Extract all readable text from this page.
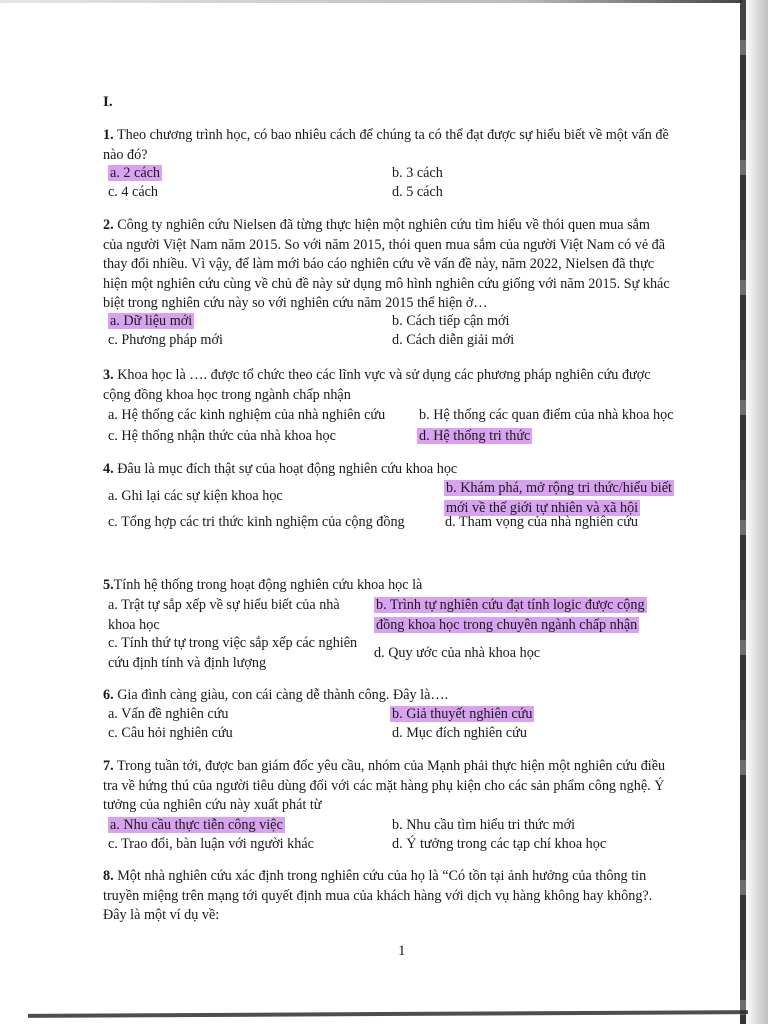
I.
1. Theo chương trình học, có bao nhiêu cách để chúng ta có thể đạt được sự hiểu biết về một vấn đề nào đó?
a. 2 cách	b. 3 cách
c. 4 cách	d. 5 cách
2. Công ty nghiên cứu Nielsen đã từng thực hiện một nghiên cứu tìm hiểu về thói quen mua sắm của người Việt Nam năm 2015. So với năm 2015, thói quen mua sắm của người Việt Nam có vẻ đã thay đổi nhiều. Vì vậy, để làm mới báo cáo nghiên cứu về vấn đề này, năm 2022, Nielsen đã thực hiện một nghiên cứu cùng về chủ đề này sử dụng mô hình nghiên cứu giống với năm 2015. Sự khác biệt trong nghiên cứu này so với nghiên cứu năm 2015 thể hiện ở…
a. Dữ liệu mới	b. Cách tiếp cận mới
c. Phương pháp mới	d. Cách diễn giải mới
3. Khoa học là …. được tổ chức theo các lĩnh vực và sử dụng các phương pháp nghiên cứu được cộng đồng khoa học trong ngành chấp nhận
a. Hệ thống các kinh nghiệm của nhà nghiên cứu b. Hệ thống các quan điểm của nhà khoa học
c. Hệ thống nhận thức của nhà khoa học	d. Hệ thống tri thức
4. Đâu là mục đích thật sự của hoạt động nghiên cứu khoa học
a. Ghi lại các sự kiện khoa học	b. Khám phá, mở rộng tri thức/hiểu biết mới về thế giới tự nhiên và xã hội
c. Tổng hợp các tri thức kinh nghiệm của cộng đồng	d. Tham vọng của nhà nghiên cứu
5.Tính hệ thống trong hoạt động nghiên cứu khoa học là
a. Trật tự sắp xếp về sự hiểu biết của nhà khoa học
b. Trình tự nghiên cứu đạt tính logic được cộng đồng khoa học trong chuyên ngành chấp nhận
c. Tính thứ tự trong việc sắp xếp các nghiên cứu định tính và định lượng
d. Quy ước của nhà khoa học
6. Gia đình càng giàu, con cái càng dễ thành công. Đây là….
a. Vấn đề nghiên cứu	b. Giả thuyết nghiên cứu
c. Câu hỏi nghiên cứu	d. Mục đích nghiên cứu
7. Trong tuần tới, được ban giám đốc yêu cầu, nhóm của Mạnh phải thực hiện một nghiên cứu điều tra về hứng thú của người tiêu dùng đối với các mặt hàng phụ kiện cho các sản phẩm công nghệ. Ý tưởng của nghiên cứu này xuất phát từ
a. Nhu cầu thực tiễn công việc	b. Nhu cầu tìm hiểu tri thức mới
c. Trao đổi, bàn luận với người khác	d. Ý tưởng trong các tạp chí khoa học
8. Một nhà nghiên cứu xác định trong nghiên cứu của họ là “Có tồn tại ảnh hưởng của thông tin truyền miệng trên mạng tới quyết định mua của khách hàng với dịch vụ hàng không hay không?. Đây là một ví dụ về:
1
